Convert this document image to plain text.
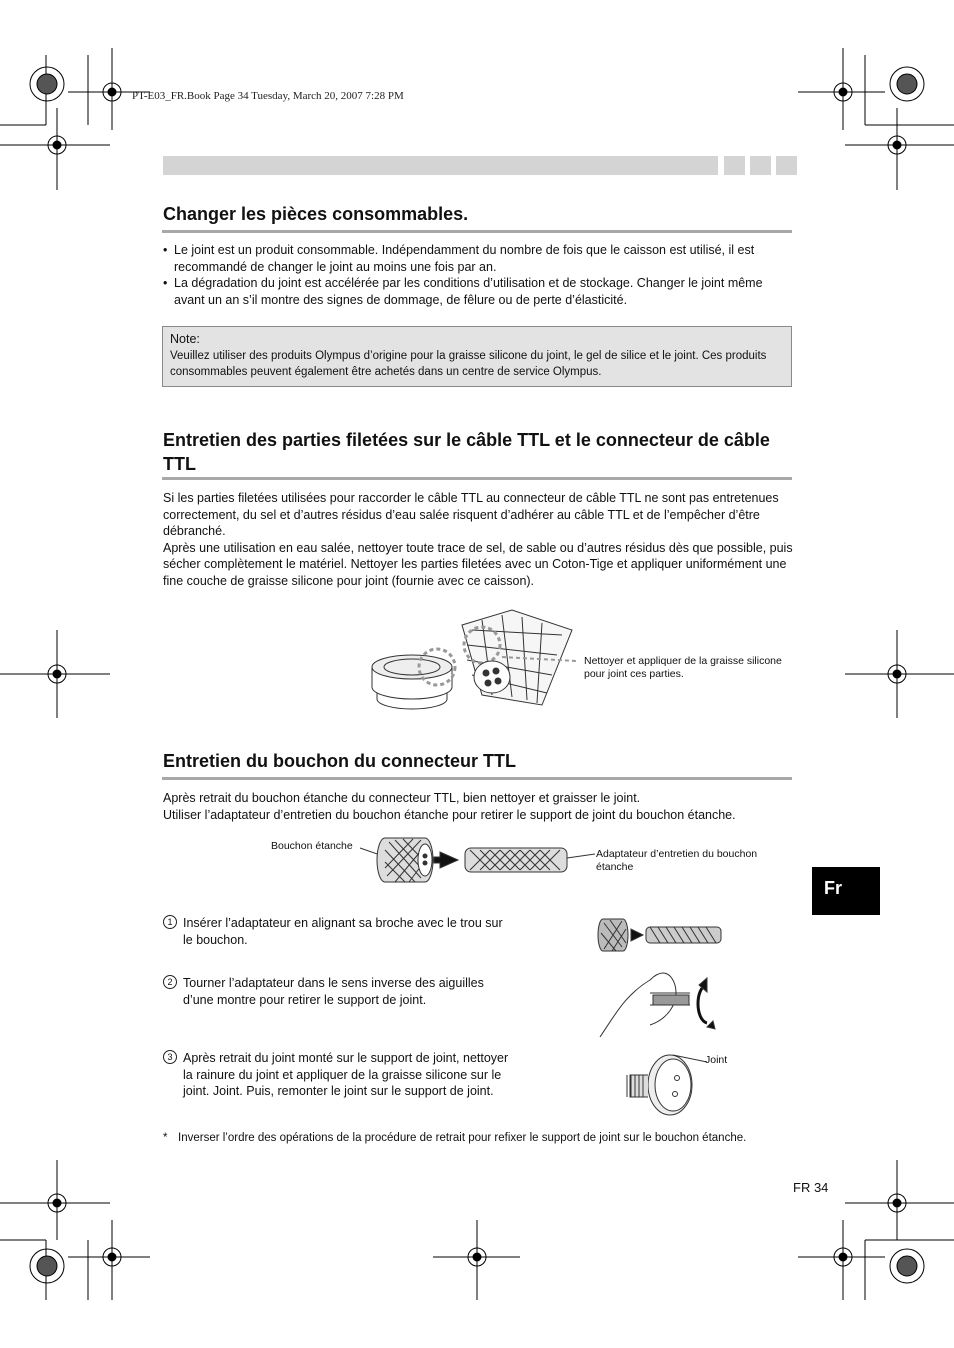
PT-E03_FR.Book Page 34 Tuesday, March 20, 2007 7:28 PM
Changer les pièces consommables.
• Le joint est un produit consommable. Indépendamment du nombre de fois que le caisson est utilisé, il est recommandé de changer le joint au moins une fois par an.
• La dégradation du joint est accélérée par les conditions d’utilisation et de stockage. Changer le joint même avant un an s’il montre des signes de dommage, de fêlure ou de perte d’élasticité.
Note:
Veuillez utiliser des produits Olympus d’origine pour la graisse silicone du joint, le gel de silice et le joint. Ces produits consommables peuvent également être achetés dans un centre de service Olympus.
Entretien des parties filetées sur le câble TTL et le connecteur de câble TTL
Si les parties filetées utilisées pour raccorder le câble TTL au connecteur de câble TTL ne sont pas entretenues correctement, du sel et d’autres résidus d’eau salée risquent d’adhérer au câble TTL et de l’empêcher d’être débranché.
Après une utilisation en eau salée, nettoyer toute trace de sel, de sable ou d’autres résidus dès que possible, puis sécher complètement le matériel. Nettoyer les parties filetées avec un Coton-Tige et appliquer uniformément une fine couche de graisse silicone pour joint (fournie avec ce caisson).
Nettoyer et appliquer de la graisse silicone pour joint ces parties.
Entretien du bouchon du connecteur TTL
Après retrait du bouchon étanche du connecteur TTL, bien nettoyer et graisser le joint.
Utiliser l’adaptateur d’entretien du bouchon étanche pour retirer le support de joint du bouchon étanche.
Bouchon étanche
Adaptateur d’entretien du bouchon étanche
1 Insérer l’adaptateur en alignant sa broche avec le trou sur le bouchon.
2 Tourner l’adaptateur dans le sens inverse des aiguilles d’une montre pour retirer le support de joint.
3 Après retrait du joint monté sur le support de joint, nettoyer la rainure du joint et appliquer de la graisse silicone sur le joint. Joint. Puis, remonter le joint sur le support de joint.
Joint
* Inverser l’ordre des opérations de la procédure de retrait pour refixer le support de joint sur le bouchon étanche.
Fr
FR 34
